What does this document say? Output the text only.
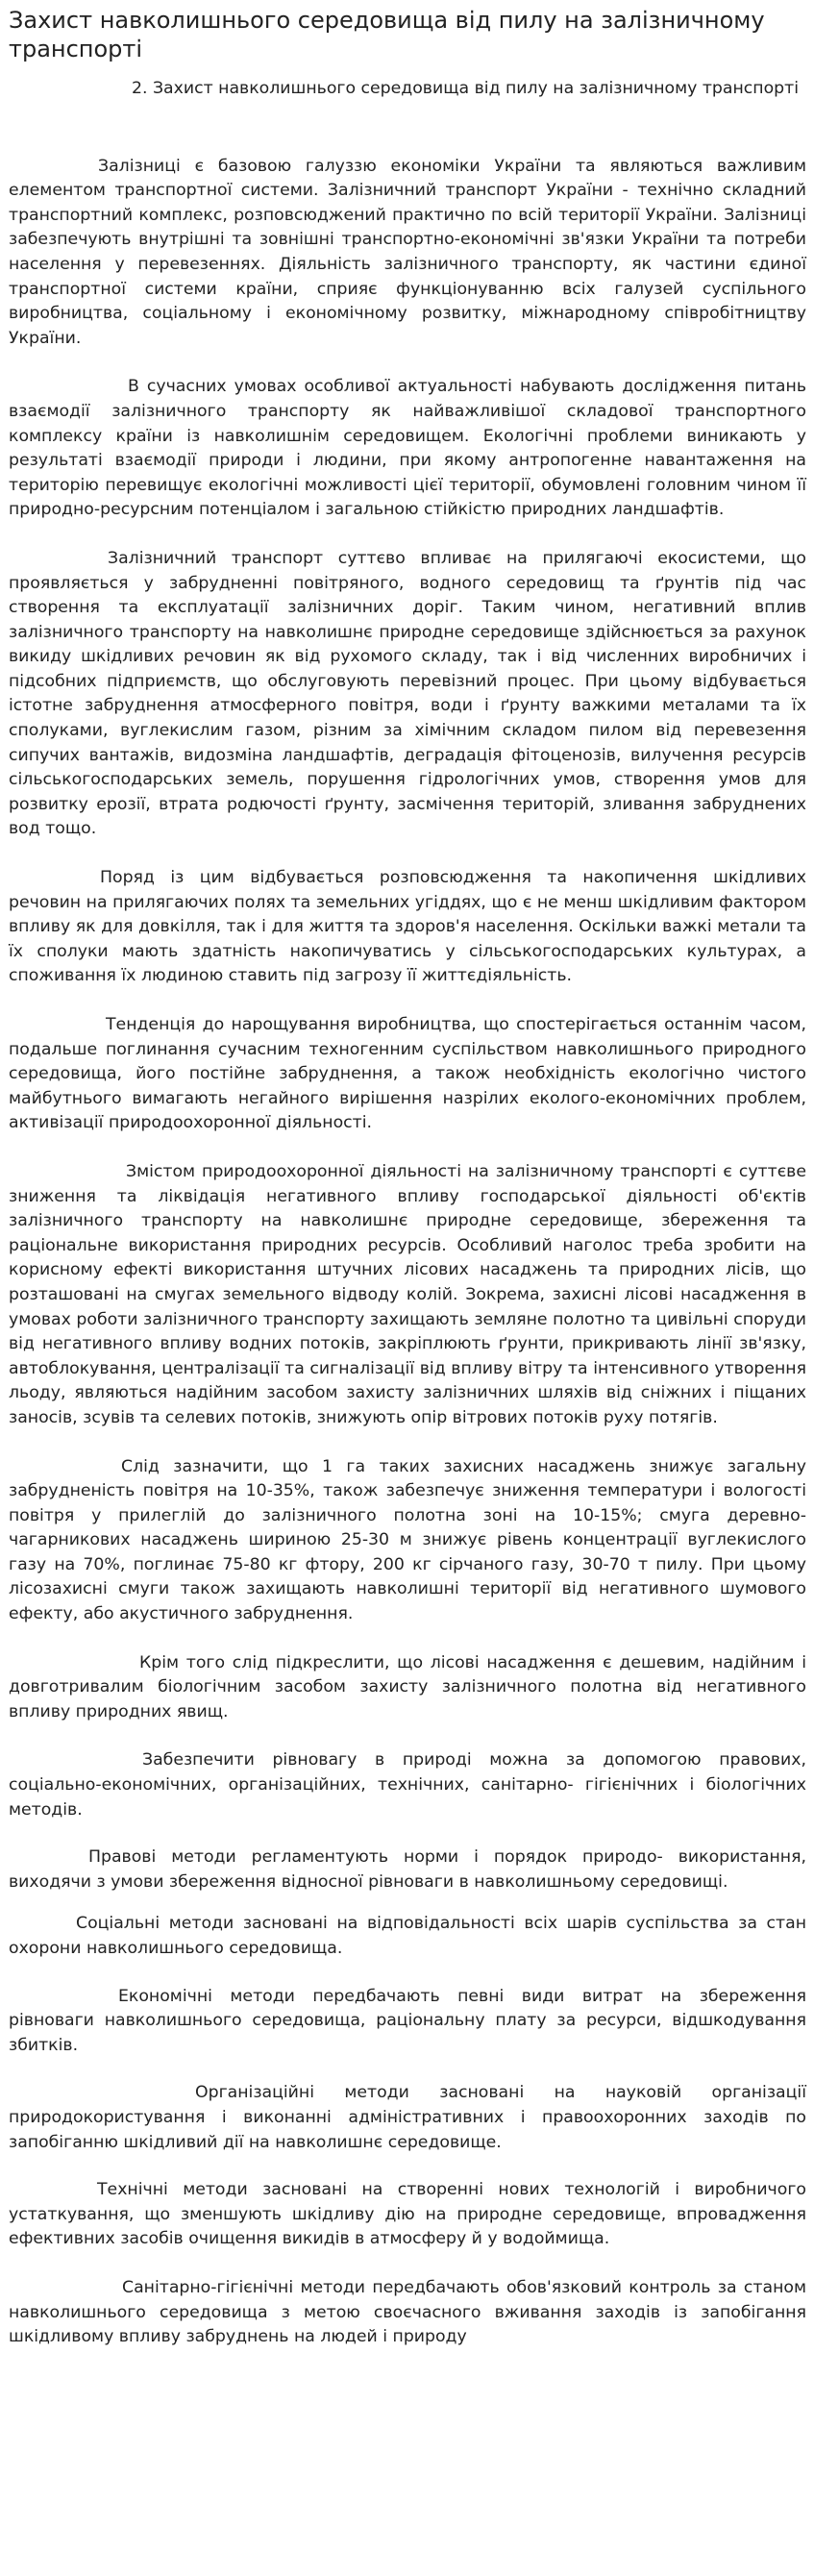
Захист навколишнього середовища від пилу на залізничному транспорті

2. Захист навколишнього середовища від пилу на залізничному транспорті

Залізниці є базовою галуззю економіки України та являються важливим елементом транспортної системи. Залізничний транспорт України - технічно складний транспортний комплекс, розповсюджений практично по всій території України. Залізниці забезпечують внутрішні та зовнішні транспортно-економічні зв'язки України та потреби населення у перевезеннях. Діяльність залізничного транспорту, як частини єдиної транспортної системи країни, сприяє функціонуванню всіх галузей суспільного виробництва, соціальному і економічному розвитку, міжнародному співробітництву України.

В сучасних умовах особливої актуальності набувають дослідження питань взаємодії залізничного транспорту як найважливішої складової транспортного комплексу країни із навколишнім середовищем. Екологічні проблеми виникають у результаті взаємодії природи і людини, при якому антропогенне навантаження на територію перевищує екологічні можливості цієї території, обумовлені головним чином її природно-ресурсним потенціалом і загальною стійкістю природних ландшафтів.

Залізничний транспорт суттєво впливає на прилягаючі екосистеми, що проявляється у забрудненні повітряного, водного середовищ та ґрунтів під час створення та експлуатації залізничних доріг. Таким чином, негативний вплив залізничного транспорту на навколишнє природне середовище здійснюється за рахунок викиду шкідливих речовин як від рухомого складу, так і від численних виробничих і підсобних підприємств, що обслуговують перевізний процес. При цьому відбувається істотне забруднення атмосферного повітря, води і ґрунту важкими металами та їх сполуками, вуглекислим газом, різним за хімічним складом пилом від перевезення сипучих вантажів, видозміна ландшафтів, деградація фітоценозів, вилучення ресурсів сільськогосподарських земель, порушення гідрологічних умов, створення умов для розвитку ерозії, втрата родючості ґрунту, засмічення територій, зливання забруднених вод тощо.

Поряд із цим відбувається розповсюдження та накопичення шкідливих речовин на прилягаючих полях та земельних угіддях, що є не менш шкідливим фактором впливу як для довкілля, так і для життя та здоров'я населення. Оскільки важкі метали та їх сполуки мають здатність накопичуватись у сільськогосподарських культурах, а споживання їх людиною ставить під загрозу її життєдіяльність.

Тенденція до нарощування виробництва, що спостерігається останнім часом, подальше поглинання сучасним техногенним суспільством навколишнього природного середовища, його постійне забруднення, а також необхідність екологічно чистого майбутнього вимагають негайного вирішення назрілих еколого-економічних проблем, активізації природоохоронної діяльності.

Змістом природоохоронної діяльності на залізничному транспорті є суттєве зниження та ліквідація негативного впливу господарської діяльності об'єктів залізничного транспорту на навколишнє природне середовище, збереження та раціональне використання природних ресурсів. Особливий наголос треба зробити на корисному ефекті використання штучних лісових насаджень та природних лісів, що розташовані на смугах земельного відводу колій. Зокрема, захисні лісові насадження в умовах роботи залізничного транспорту захищають земляне полотно та цивільні споруди від негативного впливу водних потоків, закріплюють ґрунти, прикривають лінії зв'язку, автоблокування, централізації та сигналізації від впливу вітру та інтенсивного утворення льоду, являються надійним засобом захисту залізничних шляхів від сніжних і піщаних заносів, зсувів та селевих потоків, знижують опір вітрових потоків руху потягів.

Слід зазначити, що 1 га таких захисних насаджень знижує загальну забрудненість повітря на 10-35%, також забезпечує зниження температури і вологості повітря у прилеглій до залізничного полотна зоні на 10-15%; смуга деревно-чагарникових насаджень шириною 25-30 м знижує рівень концентрації вуглекислого газу на 70%, поглинає 75-80 кг фтору, 200 кг сірчаного газу, 30-70 т пилу. При цьому лісозахисні смуги також захищають навколишні території від негативного шумового ефекту, або акустичного забруднення.

Крім того слід підкреслити, що лісові насадження є дешевим, надійним і довготривалим біологічним засобом захисту залізничного полотна від негативного впливу природних явищ.

Забезпечити рівновагу в природі можна за допомогою правових, соціально-економічних, організаційних, технічних, санітарно- гігієнічних і біологічних методів.

Правові методи регламентують норми і порядок природо- використання, виходячи з умови збереження відносної рівноваги в навколишньому середовищі.

Соціальні методи засновані на відповідальності всіх шарів суспільства за стан охорони навколишнього середовища.

Економічні методи передбачають певні види витрат на збереження рівноваги навколишнього середовища, раціональну плату за ресурси, відшкодування збитків.

Організаційні методи засновані на науковій організації природокористування і виконанні адміністративних і правоохоронних заходів по запобіганню шкідливий дії на навколишнє середовище.

Технічні методи засновані на створенні нових технологій і виробничого устаткування, що зменшують шкідливу дію на природне середовище, впровадження ефективних засобів очищення викидів в атмосферу й у водоймища.

Санітарно-гігієнічні методи передбачають обов'язковий контроль за станом навколишнього середовища з метою своєчасного вживання заходів із запобігання шкідливому впливу забруднень на людей і природу
